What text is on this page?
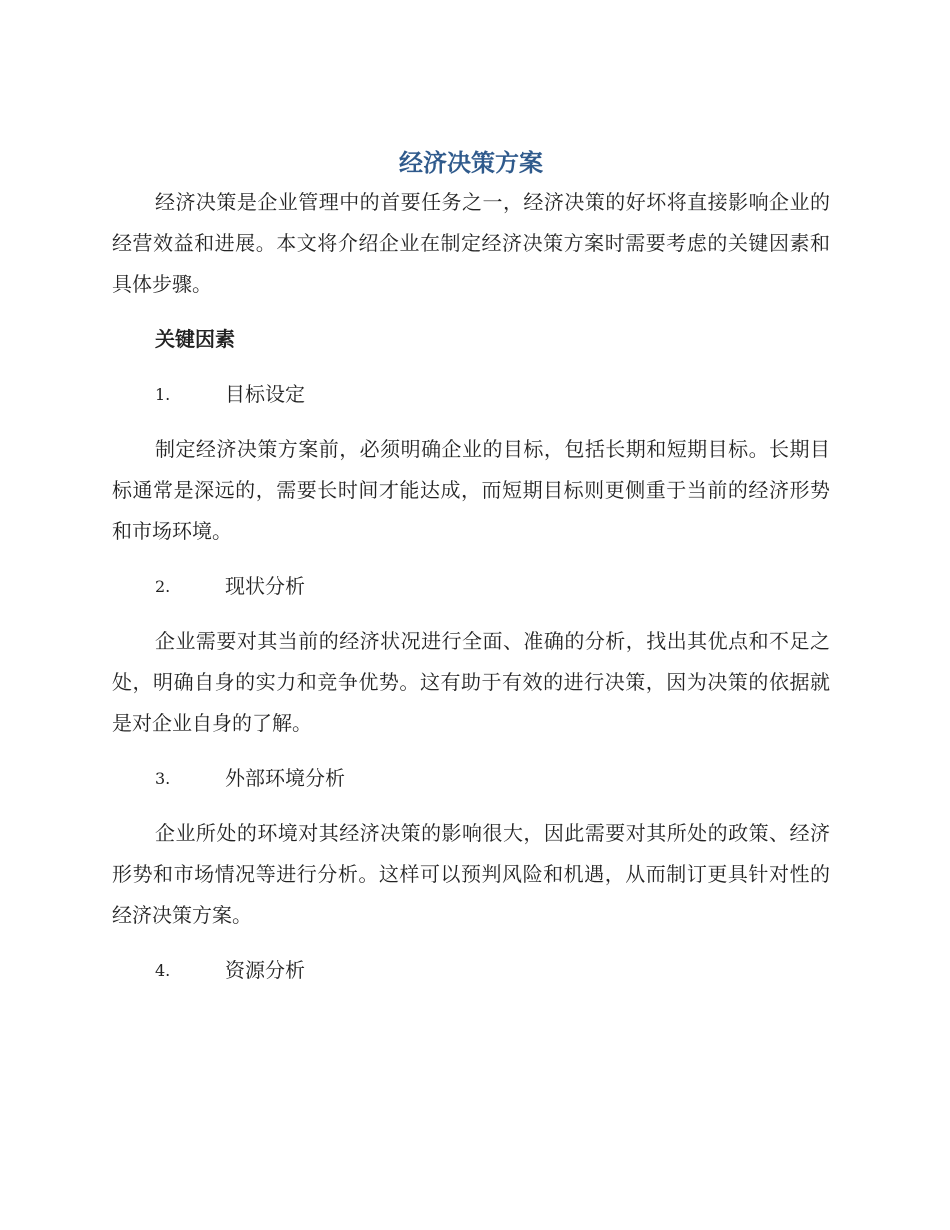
经济决策方案

经济决策是企业管理中的首要任务之一，经济决策的好坏将直接影响企业的经营效益和进展。本文将介绍企业在制定经济决策方案时需要考虑的关键因素和具体步骤。

关键因素
1.	目标设定

制定经济决策方案前，必须明确企业的目标，包括长期和短期目标。长期目标通常是深远的，需要长时间才能达成，而短期目标则更侧重于当前的经济形势和市场环境。

2.	现状分析

企业需要对其当前的经济状况进行全面、准确的分析，找出其优点和不足之处，明确自身的实力和竞争优势。这有助于有效的进行决策，因为决策的依据就是对企业自身的了解。

3.	外部环境分析

企业所处的环境对其经济决策的影响很大，因此需要对其所处的政策、经济形势和市场情况等进行分析。这样可以预判风险和机遇，从而制订更具针对性的经济决策方案。

4.	资源分析
